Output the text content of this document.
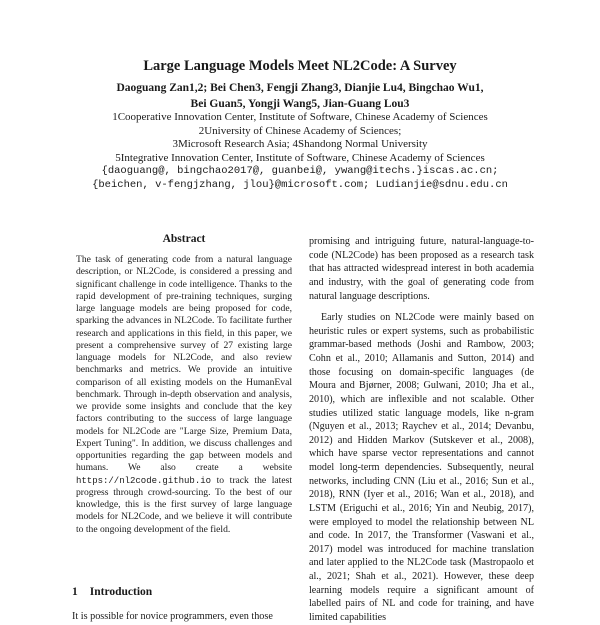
Large Language Models Meet NL2Code: A Survey
Daoguang Zan1,2; Bei Chen3, Fengji Zhang3, Dianjie Lu4, Bingchao Wu1,
Bei Guan5, Yongji Wang5, Jian-Guang Lou3
1Cooperative Innovation Center, Institute of Software, Chinese Academy of Sciences
2University of Chinese Academy of Sciences;
3Microsoft Research Asia; 4Shandong Normal University
5Integrative Innovation Center, Institute of Software, Chinese Academy of Sciences
{daoguang@, bingchao2017@, guanbei@, ywang@itechs.}iscas.ac.cn;
{beichen, v-fengjzhang, jlou}@microsoft.com; Ludianjie@sdnu.edu.cn
Abstract
The task of generating code from a natural language description, or NL2Code, is considered a pressing and significant challenge in code intelligence. Thanks to the rapid development of pre-training techniques, surging large language models are being proposed for code, sparking the advances in NL2Code. To facilitate further research and applications in this field, in this paper, we present a comprehensive survey of 27 existing large language models for NL2Code, and also review benchmarks and metrics. We provide an intuitive comparison of all existing models on the HumanEval benchmark. Through in-depth observation and analysis, we provide some insights and conclude that the key factors contributing to the success of large language models for NL2Code are "Large Size, Premium Data, Expert Tuning". In addition, we discuss challenges and opportunities regarding the gap between models and humans. We also create a website https://nl2code.github.io to track the latest progress through crowd-sourcing. To the best of our knowledge, this is the first survey of large language models for NL2Code, and we believe it will contribute to the ongoing development of the field.
1 Introduction
It is possible for novice programmers, even those

promising and intriguing future, natural-language-to-code (NL2Code) has been proposed as a research task that has attracted widespread interest in both academia and industry, with the goal of generating code from natural language descriptions.

Early studies on NL2Code were mainly based on heuristic rules or expert systems, such as probabilistic grammar-based methods (Joshi and Rambow, 2003; Cohn et al., 2010; Allamanis and Sutton, 2014) and those focusing on domain-specific languages (de Moura and Bjørner, 2008; Gulwani, 2010; Jha et al., 2010), which are inflexible and not scalable. Other studies utilized static language models, like n-gram (Nguyen et al., 2013; Raychev et al., 2014; Devanbu, 2012) and Hidden Markov (Sutskever et al., 2008), which have sparse vector representations and cannot model long-term dependencies. Subsequently, neural networks, including CNN (Liu et al., 2016; Sun et al., 2018), RNN (Iyer et al., 2016; Wan et al., 2018), and LSTM (Eriguchi et al., 2016; Yin and Neubig, 2017), were employed to model the relationship between NL and code. In 2017, the Transformer (Vaswani et al., 2017) model was introduced for machine translation and later applied to the NL2Code task (Mastropaolo et al., 2021; Shah et al., 2021). However, these deep learning models require a significant amount of labelled pairs of NL and code for training, and have limited capabilities
